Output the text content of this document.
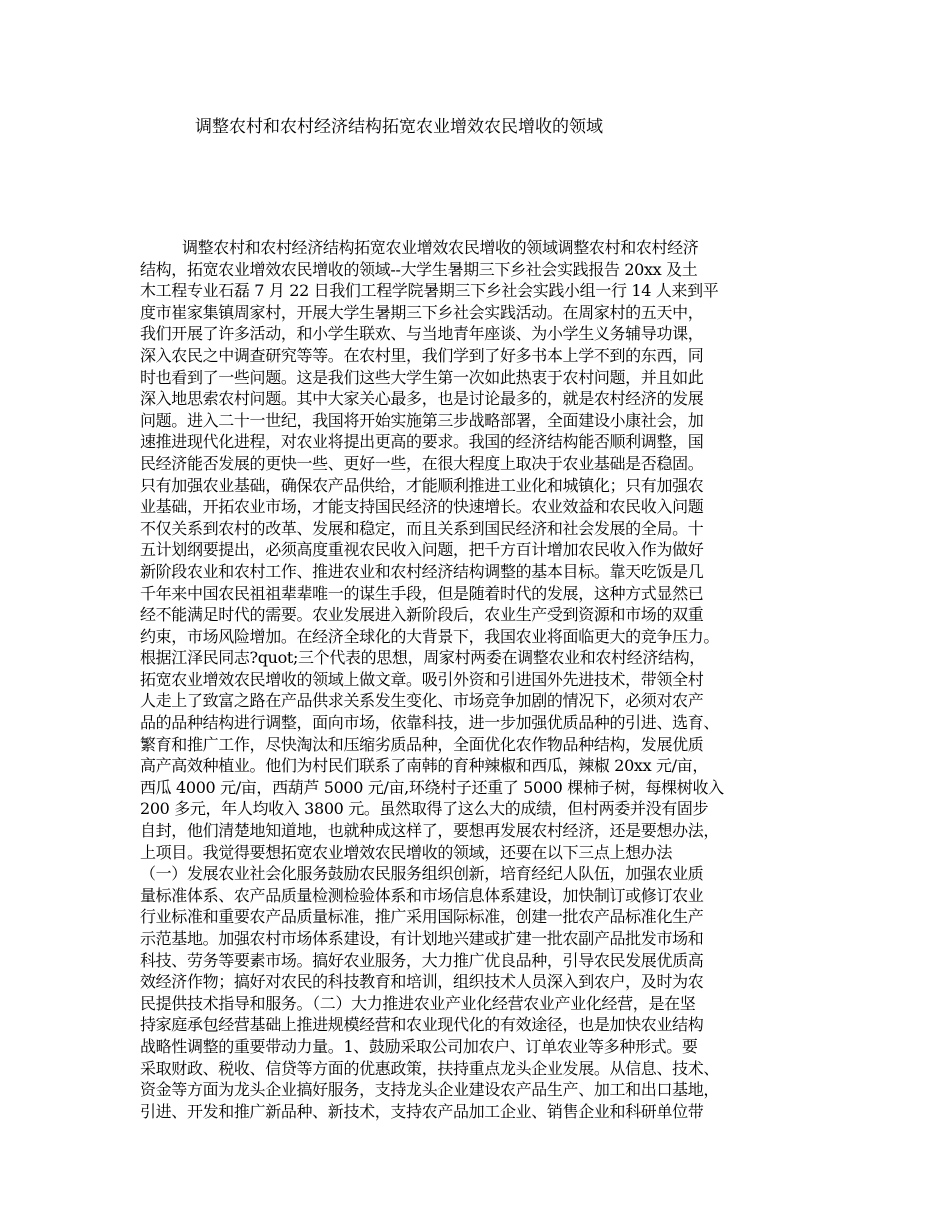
调整农村和农村经济结构拓宽农业增效农民增收的领域
调整农村和农村经济结构拓宽农业增效农民增收的领域调整农村和农村经济
结构，拓宽农业增效农民增收的领域--大学生暑期三下乡社会实践报告 20xx 及土
木工程专业石磊 7 月 22 日我们工程学院暑期三下乡社会实践小组一行 14 人来到平
度市崔家集镇周家村，开展大学生暑期三下乡社会实践活动。在周家村的五天中，
我们开展了许多活动，和小学生联欢、与当地青年座谈、为小学生义务辅导功课，
深入农民之中调查研究等等。在农村里，我们学到了好多书本上学不到的东西，同
时也看到了一些问题。这是我们这些大学生第一次如此热衷于农村问题，并且如此
深入地思索农村问题。其中大家关心最多，也是讨论最多的，就是农村经济的发展
问题。进入二十一世纪，我国将开始实施第三步战略部署，全面建设小康社会，加
速推进现代化进程，对农业将提出更高的要求。我国的经济结构能否顺利调整，国
民经济能否发展的更快一些、更好一些，在很大程度上取决于农业基础是否稳固。
只有加强农业基础，确保农产品供给，才能顺利推进工业化和城镇化；只有加强农
业基础，开拓农业市场，才能支持国民经济的快速增长。农业效益和农民收入问题
不仅关系到农村的改革、发展和稳定，而且关系到国民经济和社会发展的全局。十
五计划纲要提出，必须高度重视农民收入问题，把千方百计增加农民收入作为做好
新阶段农业和农村工作、推进农业和农村经济结构调整的基本目标。靠天吃饭是几
千年来中国农民祖祖辈辈唯一的谋生手段，但是随着时代的发展，这种方式显然已
经不能满足时代的需要。农业发展进入新阶段后，农业生产受到资源和市场的双重
约束，市场风险增加。在经济全球化的大背景下，我国农业将面临更大的竞争压力。
根据江泽民同志?quot;三个代表的思想，周家村两委在调整农业和农村经济结构，
拓宽农业增效农民增收的领域上做文章。吸引外资和引进国外先进技术，带领全村
人走上了致富之路在产品供求关系发生变化、市场竞争加剧的情况下，必须对农产
品的品种结构进行调整，面向市场，依靠科技，进一步加强优质品种的引进、选育、
繁育和推广工作，尽快淘汰和压缩劣质品种，全面优化农作物品种结构，发展优质
高产高效种植业。他们为村民们联系了南韩的育种辣椒和西瓜，辣椒 20xx 元/亩，
西瓜 4000 元/亩，西葫芦 5000 元/亩,环绕村子还重了 5000 棵柿子树，每棵树收入
200 多元，年人均收入 3800 元。虽然取得了这么大的成绩，但村两委并没有固步
自封，他们清楚地知道地，也就种成这样了，要想再发展农村经济，还是要想办法，
上项目。我觉得要想拓宽农业增效农民增收的领域，还要在以下三点上想办法
（一）发展农业社会化服务鼓励农民服务组织创新，培育经纪人队伍，加强农业质
量标准体系、农产品质量检测检验体系和市场信息体系建设，加快制订或修订农业
行业标准和重要农产品质量标准，推广采用国际标准，创建一批农产品标准化生产
示范基地。加强农村市场体系建设，有计划地兴建或扩建一批农副产品批发市场和
科技、劳务等要素市场。搞好农业服务，大力推广优良品种，引导农民发展优质高
效经济作物；搞好对农民的科技教育和培训，组织技术人员深入到农户，及时为农
民提供技术指导和服务。（二）大力推进农业产业化经营农业产业化经营，是在坚
持家庭承包经营基础上推进规模经营和农业现代化的有效途径，也是加快农业结构
战略性调整的重要带动力量。1、鼓励采取公司加农户、订单农业等多种形式。要
采取财政、税收、信贷等方面的优惠政策，扶持重点龙头企业发展。从信息、技术、
资金等方面为龙头企业搞好服务，支持龙头企业建设农产品生产、加工和出口基地，
引进、开发和推广新品种、新技术，支持农产品加工企业、销售企业和科研单位带
